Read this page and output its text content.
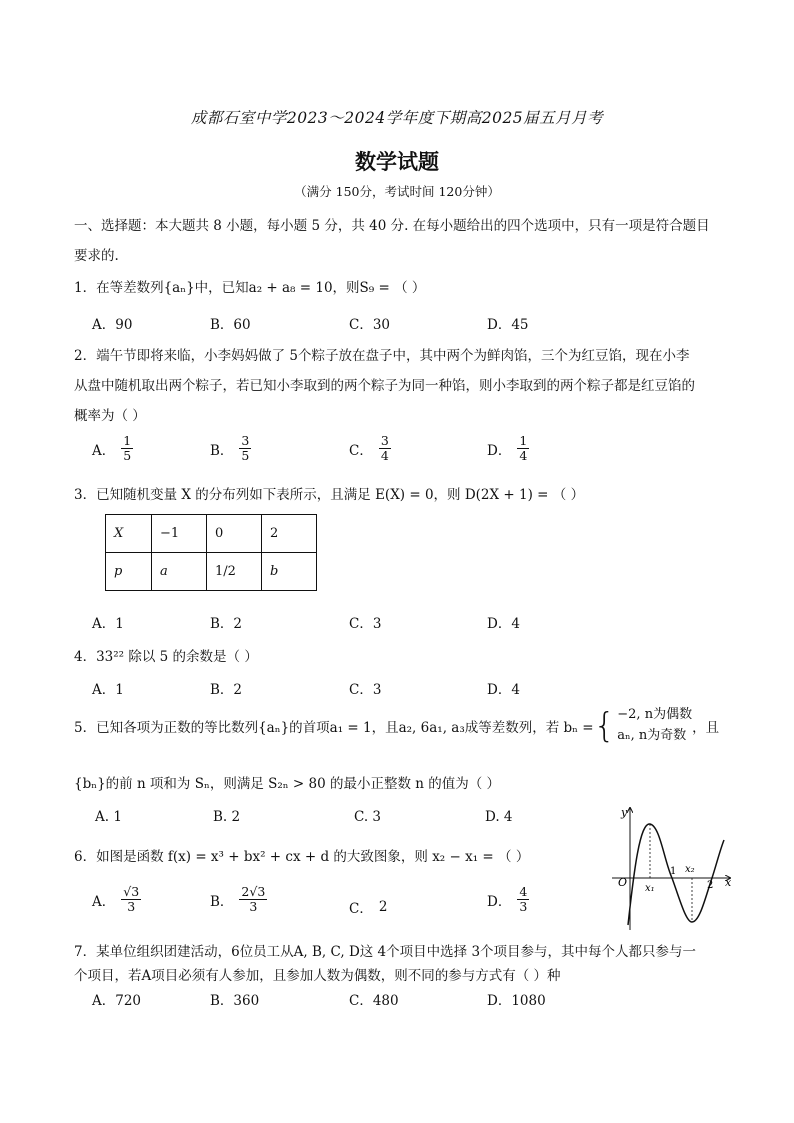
成都石室中学2023～2024学年度下期高2025届五月月考
数学试题
（满分 150分，考试时间 120分钟）
一、选择题：本大题共 8 小题，每小题 5 分，共 40 分. 在每小题给出的四个选项中，只有一项是符合题目
要求的.
1．在等差数列{aₙ}中，已知a₂ + a₈ = 10，则S₉ = （ ）
A．90	B．60	C．30	D．45
2．端午节即将来临，小李妈妈做了 5个粽子放在盘子中，其中两个为鲜肉馅，三个为红豆馅，现在小李
从盘中随机取出两个粽子，若已知小李取到的两个粽子为同一种馅，则小李取到的两个粽子都是红豆馅的
概率为（ ）
A． $\frac{1}{5}$	B． $\frac{3}{5}$	C． $\frac{3}{4}$	D． $\frac{1}{4}$
3．已知随机变量 X 的分布列如下表所示，且满足 E(X) = 0，则 D(2X + 1) = （ ）
X	−1	0	2
p	a	1/2	b
A．1	B．2	C．3	D．4
4．33²² 除以 5 的余数是（ ）
A．1	B．2	C．3	D．4
5．已知各项为正数的等比数列{aₙ}的首项a₁ = 1，且a₂, 6a₁, a₃成等差数列，若 bₙ = { −2, n为偶数
aₙ, n为奇数 ，且
{bₙ}的前 n 项和为 Sₙ，则满足 S₂ₙ > 80 的最小正整数 n 的值为（ ）
A. 1	B. 2	C. 3	D. 4
6．如图是函数 f(x) = x³ + bx² + cx + d 的大致图象，则 x₂ − x₁ = （ ）
A． $\frac{√3}{3}$	B． $\frac{2√3}{3}$	C． 2	D． $\frac{4}{3}$
y
x
O x₁
x₂
1
2
7．某单位组织团建活动，6位员工从A, B, C, D这 4个项目中选择 3个项目参与，其中每个人都只参与一
个项目，若A项目必须有人参加，且参加人数为偶数，则不同的参与方式有（ ）种
A．720	B．360	C．480	D．1080
